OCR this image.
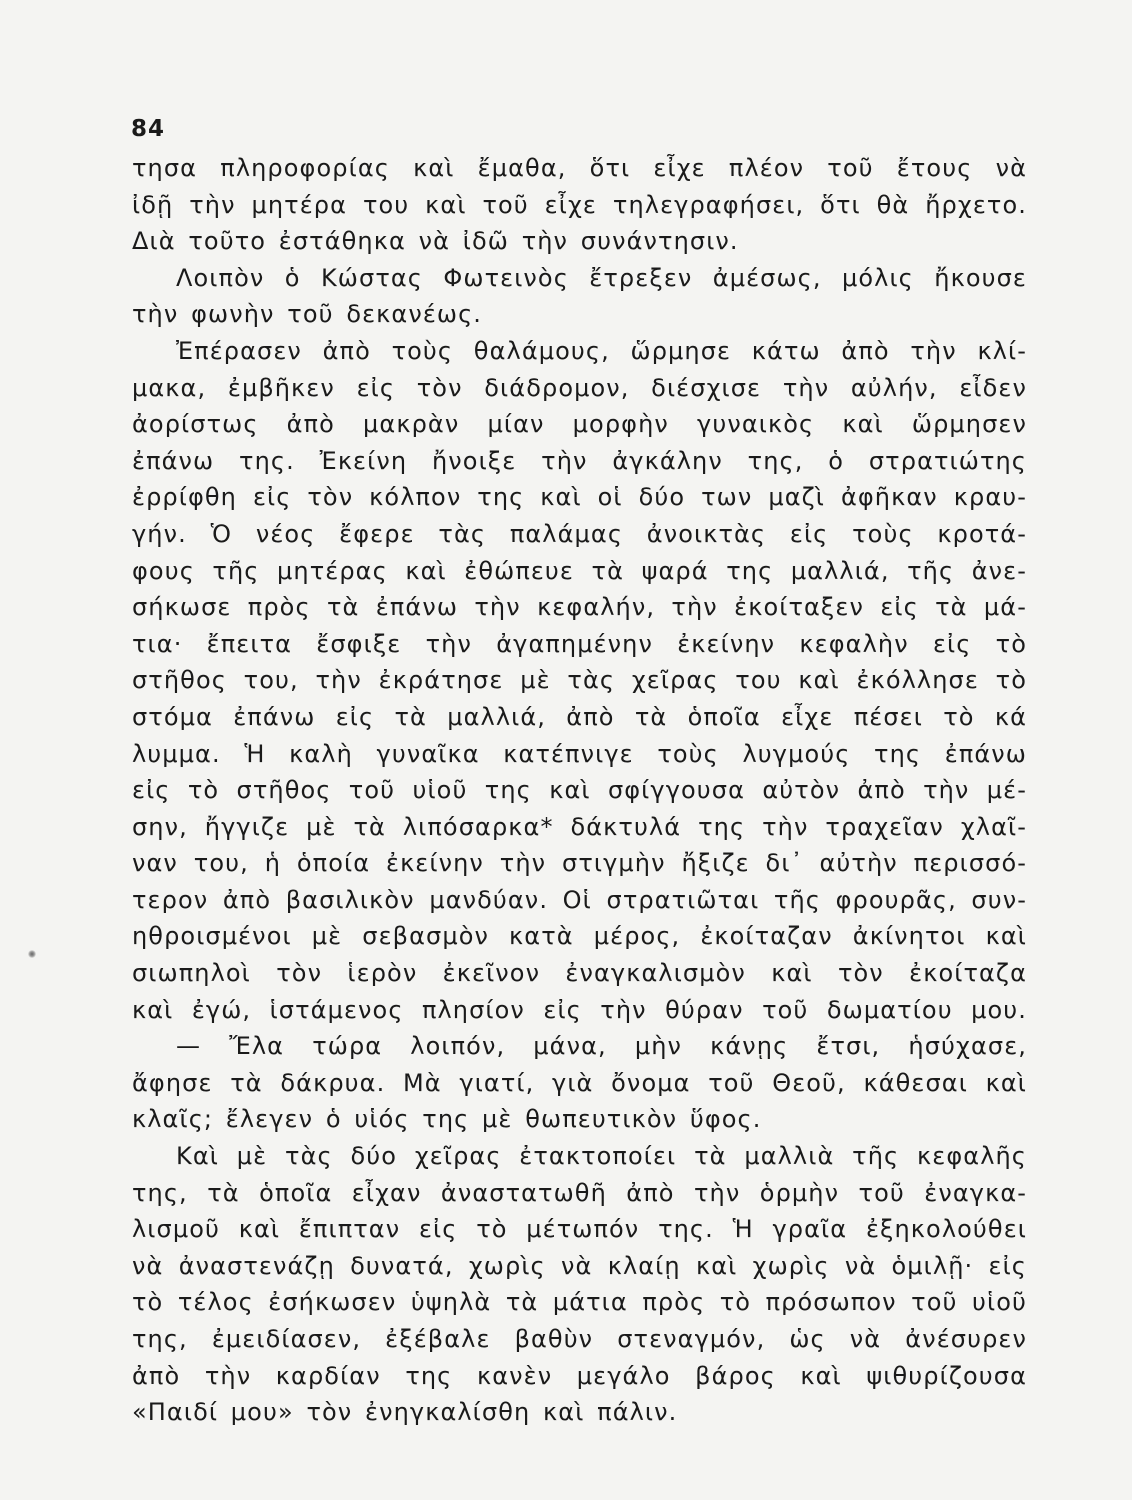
84
τησα πληροφορίας καὶ ἔμαθα, ὅτι εἶχε πλέον τοῦ ἔτους νὰ
ἰδῇ τὴν μητέρα του καὶ τοῦ εἶχε τηλεγραφήσει, ὅτι θὰ ἤρχετο.
Διὰ τοῦτο ἐστάθηκα νὰ ἰδῶ τὴν συνάντησιν.
Λοιπὸν ὁ Κώστας Φωτεινὸς ἔτρεξεν ἀμέσως, μόλις ἤκουσε
τὴν φωνὴν τοῦ δεκανέως.
Ἐπέρασεν ἀπὸ τοὺς θαλάμους, ὥρμησε κάτω ἀπὸ τὴν κλί-
μακα, ἐμβῆκεν εἰς τὸν διάδρομον, διέσχισε τὴν αὐλήν, εἶδεν
ἀορίστως ἀπὸ μακρὰν μίαν μορφὴν γυναικὸς καὶ ὥρμησεν
ἐπάνω της. Ἐκείνη ἤνοιξε τὴν ἀγκάλην της, ὁ στρατιώτης
ἐρρίφθη εἰς τὸν κόλπον της καὶ οἱ δύο των μαζὶ ἀφῆκαν κραυ-
γήν. Ὁ νέος ἔφερε τὰς παλάμας ἀνοικτὰς εἰς τοὺς κροτά-
φους τῆς μητέρας καὶ ἐθώπευε τὰ ψαρά της μαλλιά, τῆς ἀνε-
σήκωσε πρὸς τὰ ἐπάνω τὴν κεφαλήν, τὴν ἐκοίταξεν εἰς τὰ μά-
τια· ἔπειτα ἔσφιξε τὴν ἀγαπημένην ἐκείνην κεφαλὴν εἰς τὸ
στῆθος του, τὴν ἐκράτησε μὲ τὰς χεῖρας του καὶ ἐκόλλησε τὸ
στόμα ἐπάνω εἰς τὰ μαλλιά, ἀπὸ τὰ ὁποῖα εἶχε πέσει τὸ κά
λυμμα. Ἡ καλὴ γυναῖκα κατέπνιγε τοὺς λυγμούς της ἐπάνω
εἰς τὸ στῆθος τοῦ υἱοῦ της καὶ σφίγγουσα αὐτὸν ἀπὸ τὴν μέ-
σην, ἤγγιζε μὲ τὰ λιπόσαρκα* δάκτυλά της τὴν τραχεῖαν χλαῖ-
ναν του, ἡ ὁποία ἐκείνην τὴν στιγμὴν ἤξιζε δι᾽ αὐτὴν περισσό-
τερον ἀπὸ βασιλικὸν μανδύαν. Οἱ στρατιῶται τῆς φρουρᾶς, συν-
ηθροισμένοι μὲ σεβασμὸν κατὰ μέρος, ἐκοίταζαν ἀκίνητοι καὶ
σιωπηλοὶ τὸν ἱερὸν ἐκεῖνον ἐναγκαλισμὸν καὶ τὸν ἐκοίταζα
καὶ ἐγώ, ἱστάμενος πλησίον εἰς τὴν θύραν τοῦ δωματίου μου.
— Ἔλα τώρα λοιπόν, μάνα, μὴν κάνῃς ἔτσι, ἡσύχασε,
ἄφησε τὰ δάκρυα. Μὰ γιατί, γιὰ ὄνομα τοῦ Θεοῦ, κάθεσαι καὶ
κλαῖς; ἔλεγεν ὁ υἱός της μὲ θωπευτικὸν ὕφος.
Καὶ μὲ τὰς δύο χεῖρας ἐτακτοποίει τὰ μαλλιὰ τῆς κεφαλῆς
της, τὰ ὁποῖα εἶχαν ἀναστατωθῆ ἀπὸ τὴν ὁρμὴν τοῦ ἐναγκα-
λισμοῦ καὶ ἔπιπταν εἰς τὸ μέτωπόν της. Ἡ γραῖα ἐξηκολούθει
νὰ ἀναστενάζῃ δυνατά, χωρὶς νὰ κλαίῃ καὶ χωρὶς νὰ ὁμιλῇ· εἰς
τὸ τέλος ἐσήκωσεν ὑψηλὰ τὰ μάτια πρὸς τὸ πρόσωπον τοῦ υἱοῦ
της, ἐμειδίασεν, ἐξέβαλε βαθὺν στεναγμόν, ὡς νὰ ἀνέσυρεν
ἀπὸ τὴν καρδίαν της κανὲν μεγάλο βάρος καὶ ψιθυρίζουσα
«Παιδί μου» τὸν ἐνηγκαλίσθη καὶ πάλιν.
